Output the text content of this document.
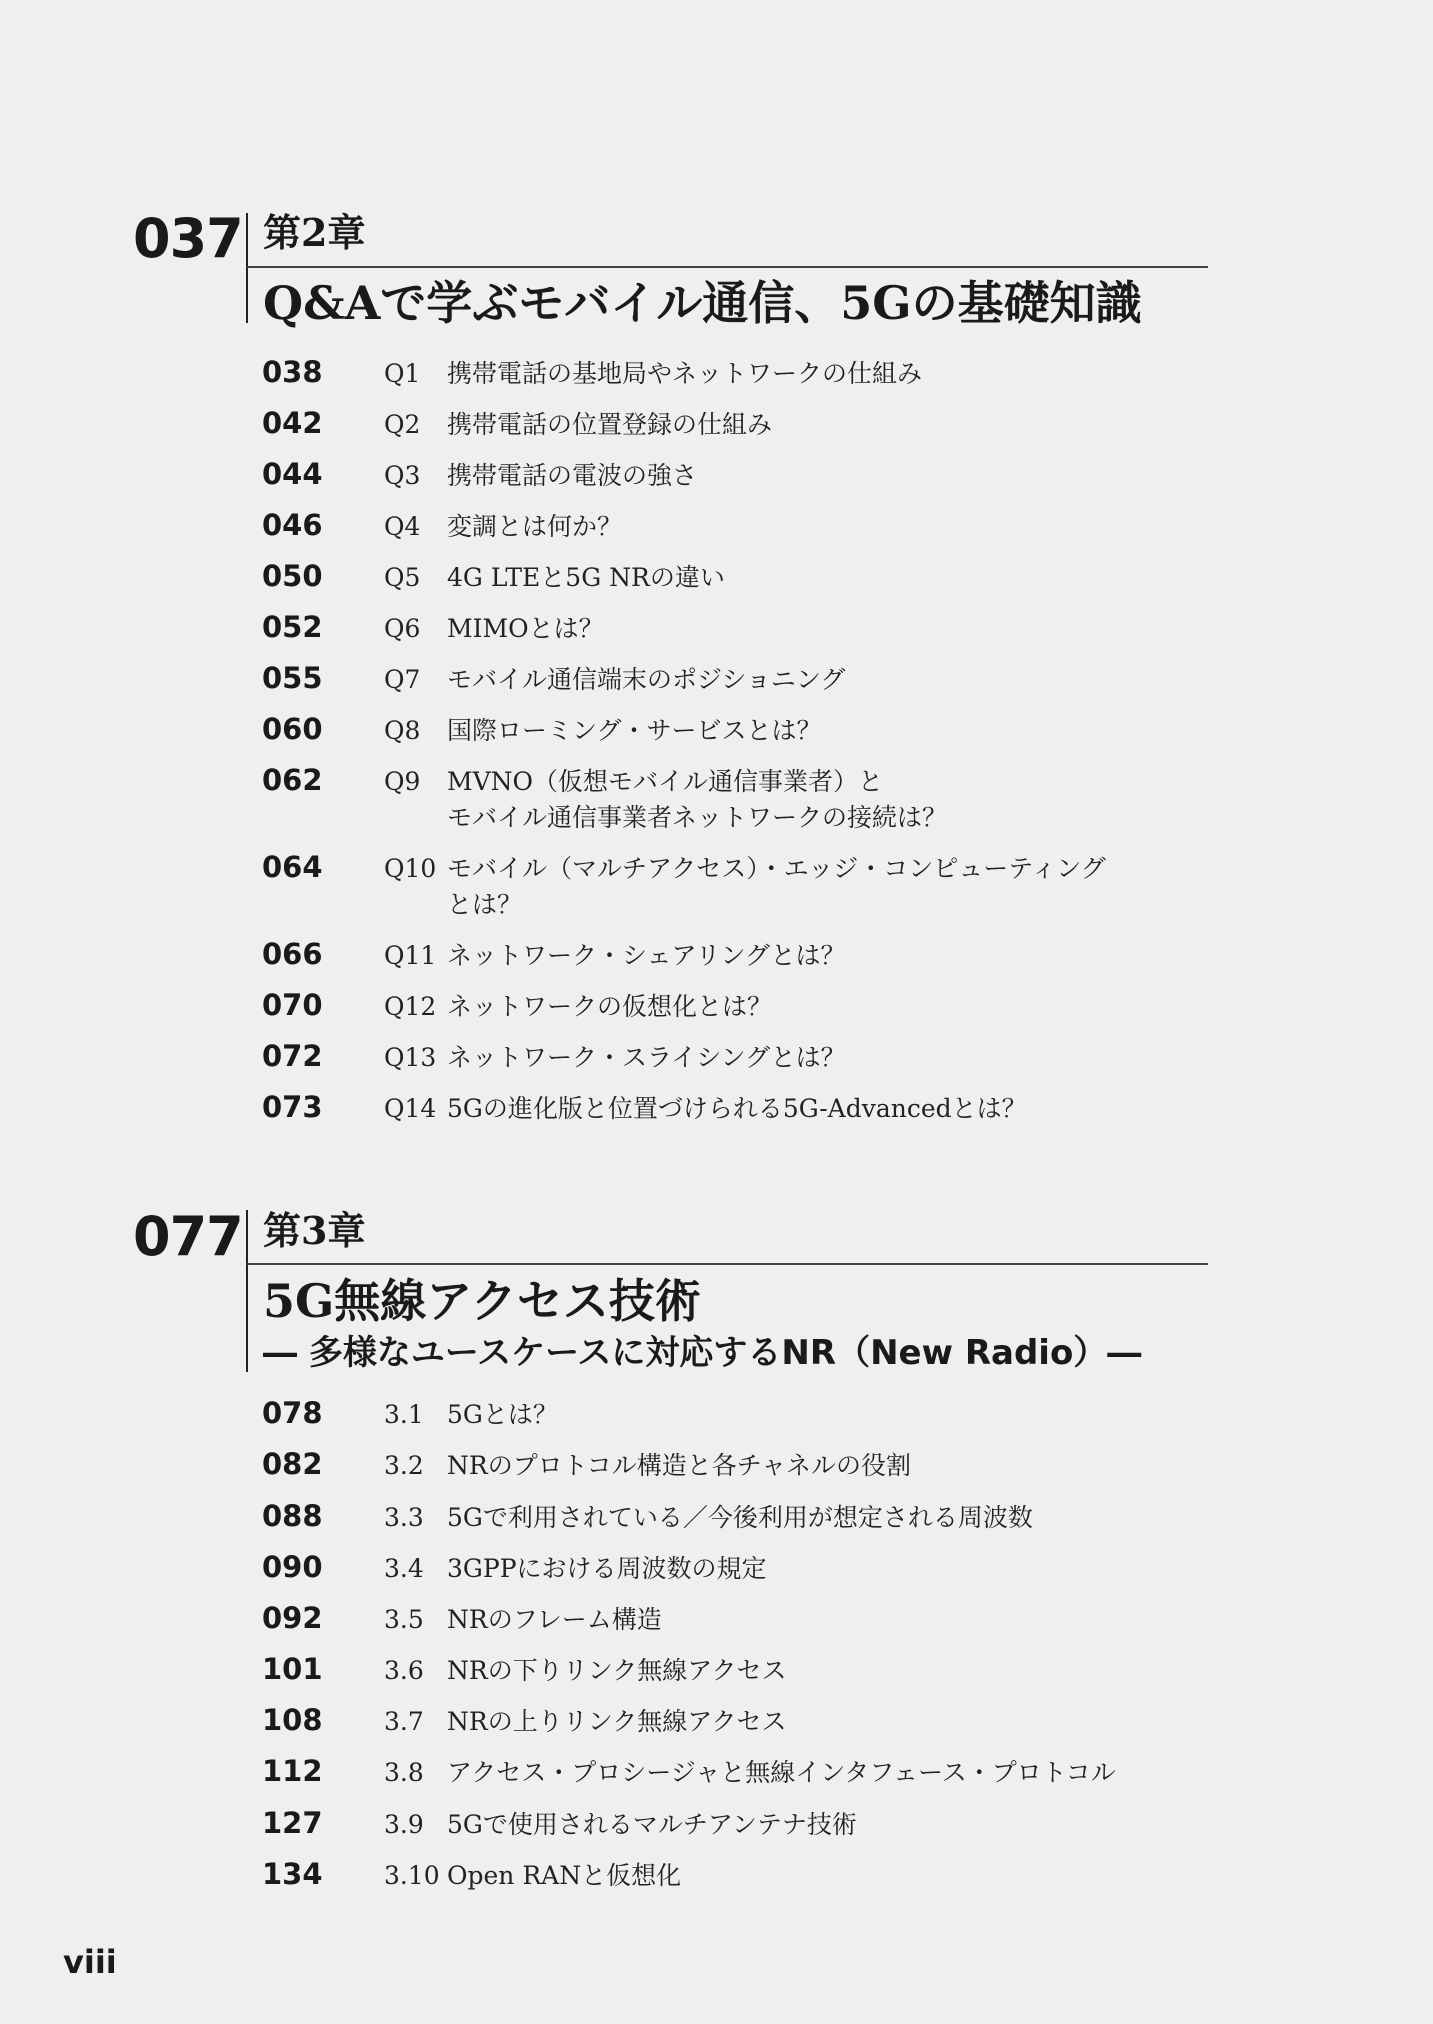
037 第2章
Q&Aで学ぶモバイル通信、5Gの基礎知識
038 Q1 携帯電話の基地局やネットワークの仕組み
042 Q2 携帯電話の位置登録の仕組み
044 Q3 携帯電話の電波の強さ
046 Q4 変調とは何か？
050 Q5 4G LTEと5G NRの違い
052 Q6 MIMOとは？
055 Q7 モバイル通信端末のポジショニング
060 Q8 国際ローミング・サービスとは？
062 Q9 MVNO（仮想モバイル通信事業者）と
モバイル通信事業者ネットワークの接続は？
064 Q10 モバイル（マルチアクセス）・エッジ・コンピューティング
とは？
066 Q11 ネットワーク・シェアリングとは？
070 Q12 ネットワークの仮想化とは？
072 Q13 ネットワーク・スライシングとは？
073 Q14 5Gの進化版と位置づけられる5G-Advancedとは？
077 第3章
5G無線アクセス技術
― 多様なユースケースに対応するNR（New Radio）―
078 3.1 5Gとは？
082 3.2 NRのプロトコル構造と各チャネルの役割
088 3.3 5Gで利用されている／今後利用が想定される周波数
090 3.4 3GPPにおける周波数の規定
092 3.5 NRのフレーム構造
101 3.6 NRの下りリンク無線アクセス
108 3.7 NRの上りリンク無線アクセス
112 3.8 アクセス・プロシージャと無線インタフェース・プロトコル
127 3.9 5Gで使用されるマルチアンテナ技術
134 3.10 Open RANと仮想化
viii
